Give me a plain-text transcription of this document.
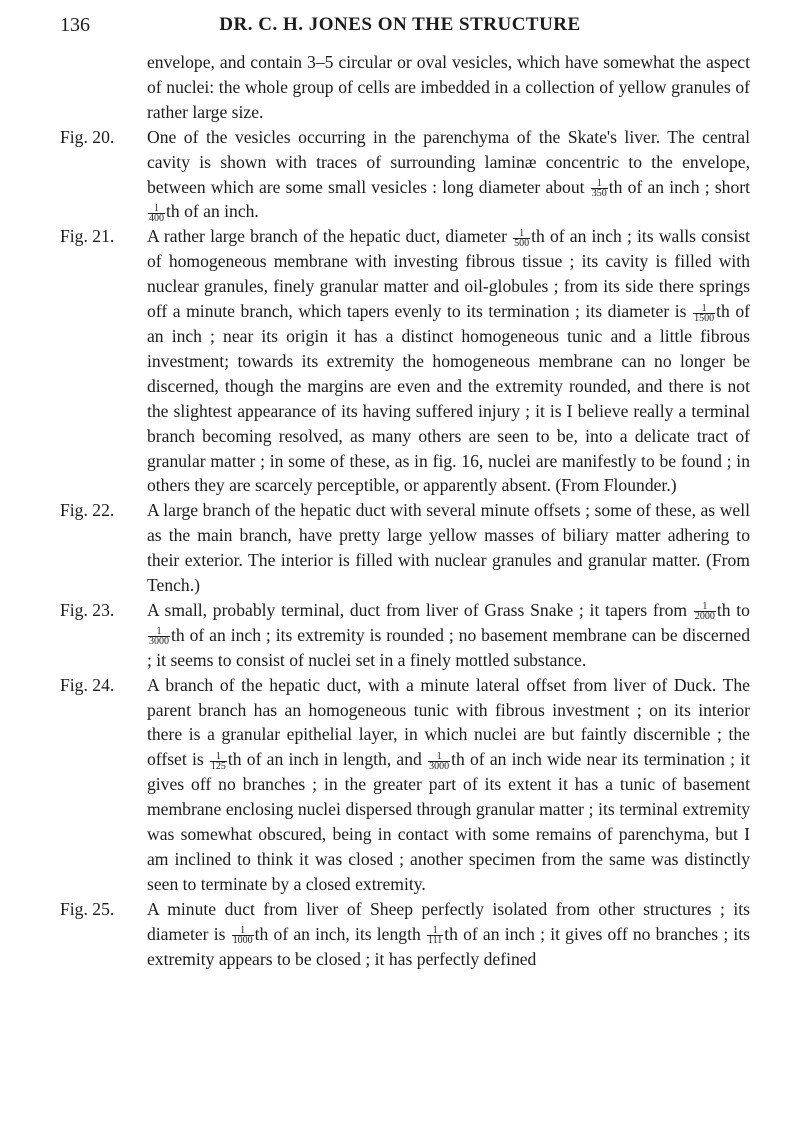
136	DR. C. H. JONES ON THE STRUCTURE
envelope, and contain 3–5 circular or oval vesicles, which have somewhat the aspect of nuclei: the whole group of cells are imbedded in a collection of yellow granules of rather large size.
Fig. 20. One of the vesicles occurring in the parenchyma of the Skate's liver. The central cavity is shown with traces of surrounding laminæ concentric to the envelope, between which are some small vesicles : long diameter about $\frac{1}{350}$ th of an inch ; short
$\frac{1}{400}$ th of an inch.
Fig. 21. A rather large branch of the hepatic duct, diameter $\frac{1}{500}$ th of an inch ; its walls consist of homogeneous membrane with investing fibrous tissue ; its cavity is filled with nuclear granules, finely granular matter and oil-globules ; from its side there springs off a minute branch, which tapers evenly to its termination ; its diameter is $\frac{1}{1500}$ th of an inch ; near its origin it has a distinct homogeneous tunic and a little fibrous investment; towards its extremity the homogeneous membrane can no longer be discerned, though the margins are even and the extremity rounded, and there is not the slightest appearance of its having suffered injury ; it is I believe really a terminal branch becoming resolved, as many others are seen to be, into a delicate tract of granular matter ; in some of these, as in fig. 16, nuclei are manifestly to be found ; in others they are scarcely perceptible, or apparently absent. (From Flounder.)
Fig. 22. A large branch of the hepatic duct with several minute offsets ; some of these, as well as the main branch, have pretty large yellow masses of biliary matter adhering to their exterior. The interior is filled with nuclear granules and granular matter. (From Tench.)
Fig. 23. A small, probably terminal, duct from liver of Grass Snake ; it tapers from $\frac{1}{2000}$ th to
$\frac{1}{3000}$ th of an inch ; its extremity is rounded ; no basement membrane can be discerned ; it seems to consist of nuclei set in a finely mottled substance.
Fig. 24. A branch of the hepatic duct, with a minute lateral offset from liver of Duck. The parent branch has an homogeneous tunic with fibrous investment ; on its interior there is a granular epithelial layer, in which nuclei are but faintly discernible ; the offset is $\frac{1}{125}$ th of an inch in length, and $\frac{1}{3000}$ th of an inch wide near its termination ; it gives off no branches ; in the greater part of its extent it has a tunic of basement membrane enclosing nuclei dispersed through granular matter ; its terminal extremity was somewhat obscured, being in contact with some remains of parenchyma, but I am inclined to think it was closed ; another specimen from the same was distinctly seen to terminate by a closed extremity.
Fig. 25. A minute duct from liver of Sheep perfectly isolated from other structures ; its diameter is $\frac{1}{1000}$ th of an inch, its length $\frac{1}{111}$ th of an inch ; it gives off no branches ; its extremity appears to be closed ; it has perfectly defined
